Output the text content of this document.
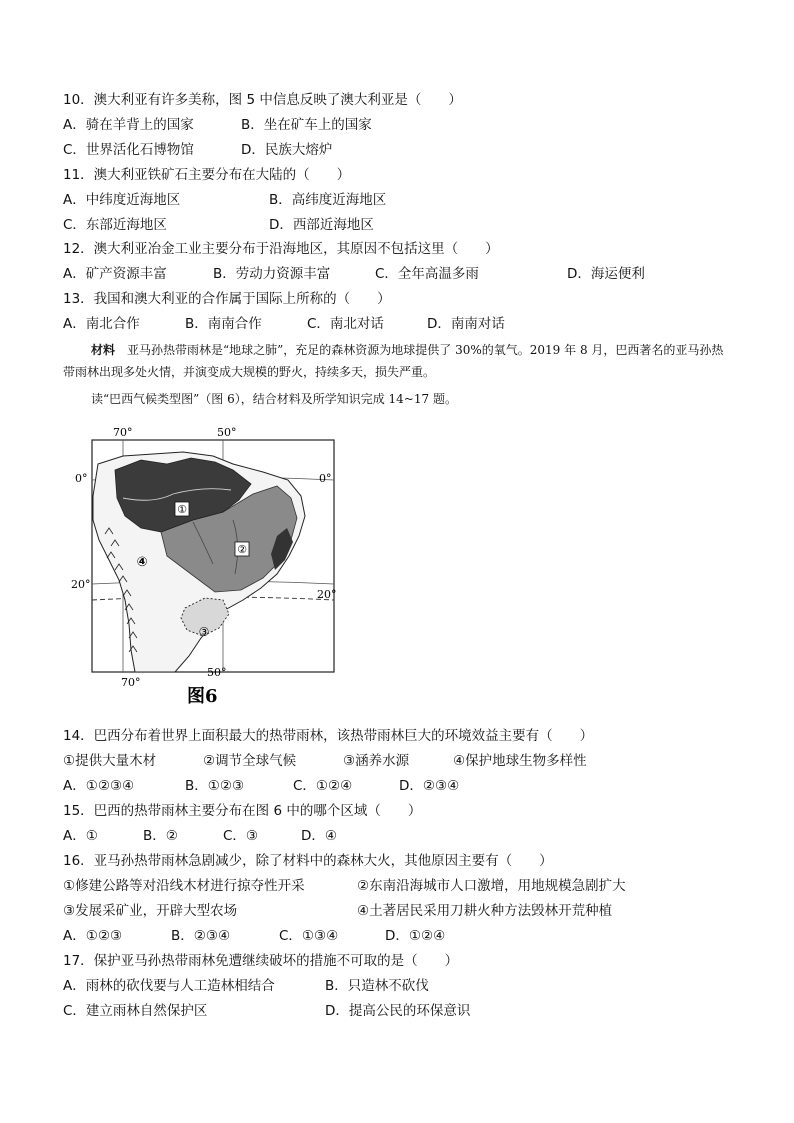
10．澳大利亚有许多美称，图 5 中信息反映了澳大利亚是（　　）
A．骑在羊背上的国家	B．坐在矿车上的国家
C．世界活化石博物馆	D．民族大熔炉
11．澳大利亚铁矿石主要分布在大陆的（　　）
A．中纬度近海地区	B．高纬度近海地区
C．东部近海地区	D．西部近海地区
12．澳大利亚冶金工业主要分布于沿海地区，其原因不包括这里（　　）
A．矿产资源丰富	B．劳动力资源丰富	C．全年高温多雨	D．海运便利
13．我国和澳大利亚的合作属于国际上所称的（　　）
A．南北合作	B．南南合作	C．南北对话	D．南南对话
材料　亚马孙热带雨林是“地球之肺”，充足的森林资源为地球提供了 30%的氧气。2019 年 8 月，巴西著名的亚马孙热带雨林出现多处火情，并演变成大规模的野火，持续多天，损失严重。
读“巴西气候类型图”（图 6），结合材料及所学知识完成 14~17 题。
①
②
③
④
70°	50°
0°	0°
20°
20°
70°
50°
图6
14．巴西分布着世界上面积最大的热带雨林，该热带雨林巨大的环境效益主要有（　　）
①提供大量木材	②调节全球气候	③涵养水源	④保护地球生物多样性
A．①②③④	B．①②③	C．①②④	D．②③④
15．巴西的热带雨林主要分布在图 6 中的哪个区域（　　）
A．①	B．②	C．③	D．④
16．亚马孙热带雨林急剧减少，除了材料中的森林大火，其他原因主要有（　　）
①修建公路等对沿线木材进行掠夺性开采	②东南沿海城市人口激增，用地规模急剧扩大
③发展采矿业，开辟大型农场	④土著居民采用刀耕火种方法毁林开荒种植
A．①②③	B．②③④	C．①③④	D．①②④
17．保护亚马孙热带雨林免遭继续破坏的措施不可取的是（　　）
A．雨林的砍伐要与人工造林相结合	B．只造林不砍伐
C．建立雨林自然保护区	D．提高公民的环保意识
